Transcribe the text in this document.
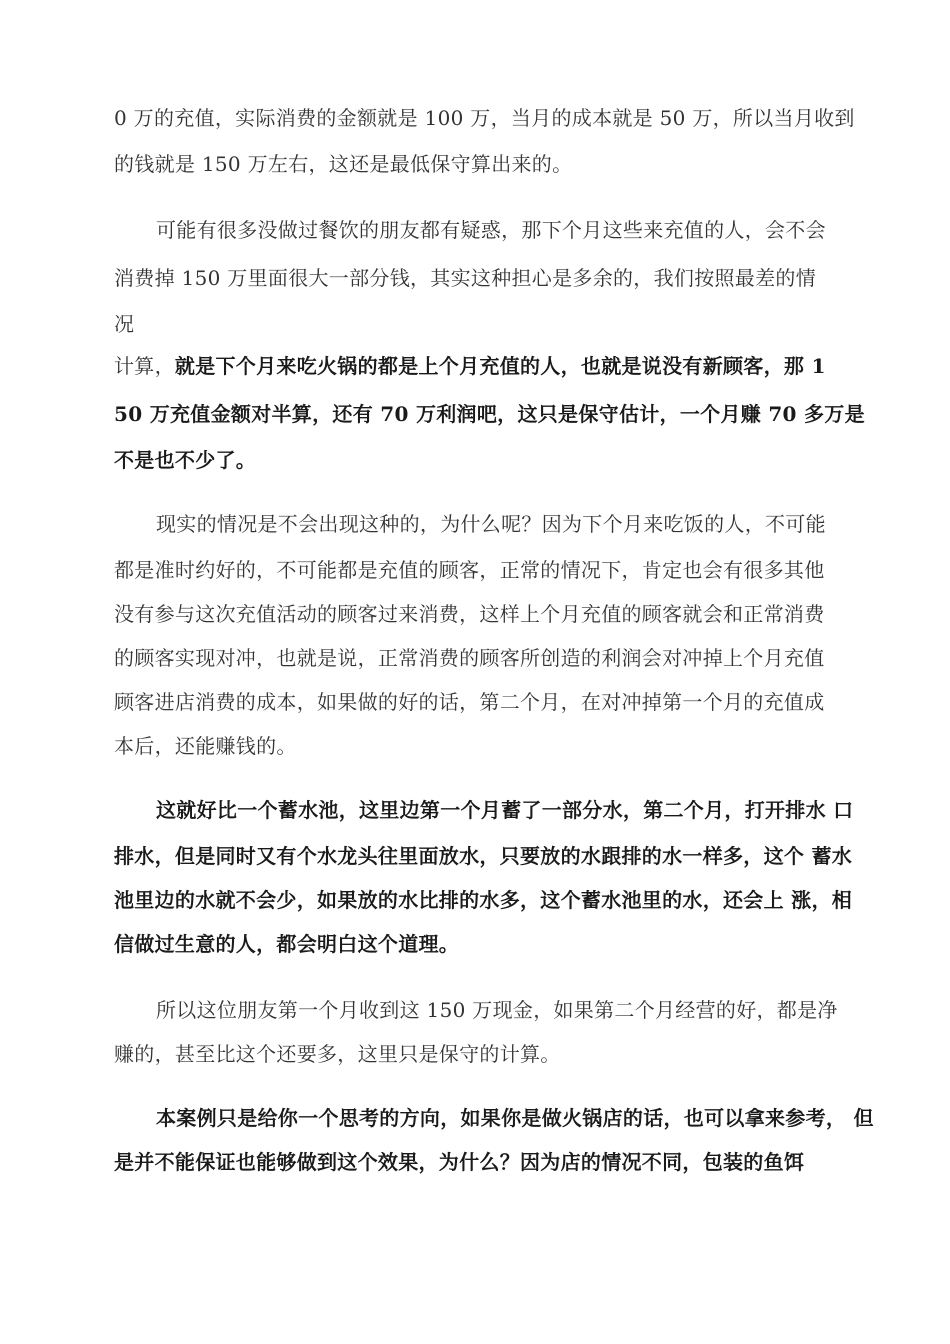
0 万的充值，实际消费的金额就是 100 万，当月的成本就是 50 万，所以当月收到

的钱就是 150 万左右，这还是最低保守算出来的。

可能有很多没做过餐饮的朋友都有疑惑，那下个月这些来充值的人，会不会

消费掉 150 万里面很大一部分钱，其实这种担心是多余的，我们按照最差的情

况

计算，就是下个月来吃火锅的都是上个月充值的人，也就是说没有新顾客，那 1

50 万充值金额对半算，还有 70 万利润吧，这只是保守估计，一个月赚 70 多万是

不是也不少了。

现实的情况是不会出现这种的，为什么呢？因为下个月来吃饭的人，不可能

都是准时约好的，不可能都是充值的顾客，正常的情况下，肯定也会有很多其他

没有参与这次充值活动的顾客过来消费，这样上个月充值的顾客就会和正常消费

的顾客实现对冲，也就是说，正常消费的顾客所创造的利润会对冲掉上个月充值

顾客进店消费的成本，如果做的好的话，第二个月，在对冲掉第一个月的充值成

本后，还能赚钱的。

这就好比一个蓄水池，这里边第一个月蓄了一部分水，第二个月，打开排水 口

排水，但是同时又有个水龙头往里面放水，只要放的水跟排的水一样多，这个 蓄水

池里边的水就不会少，如果放的水比排的水多，这个蓄水池里的水，还会上 涨，相

信做过生意的人，都会明白这个道理。

所以这位朋友第一个月收到这 150 万现金，如果第二个月经营的好，都是净

赚的，甚至比这个还要多，这里只是保守的计算。

本案例只是给你一个思考的方向，如果你是做火锅店的话，也可以拿来参考， 但

是并不能保证也能够做到这个效果，为什么？因为店的情况不同，包装的鱼饵
